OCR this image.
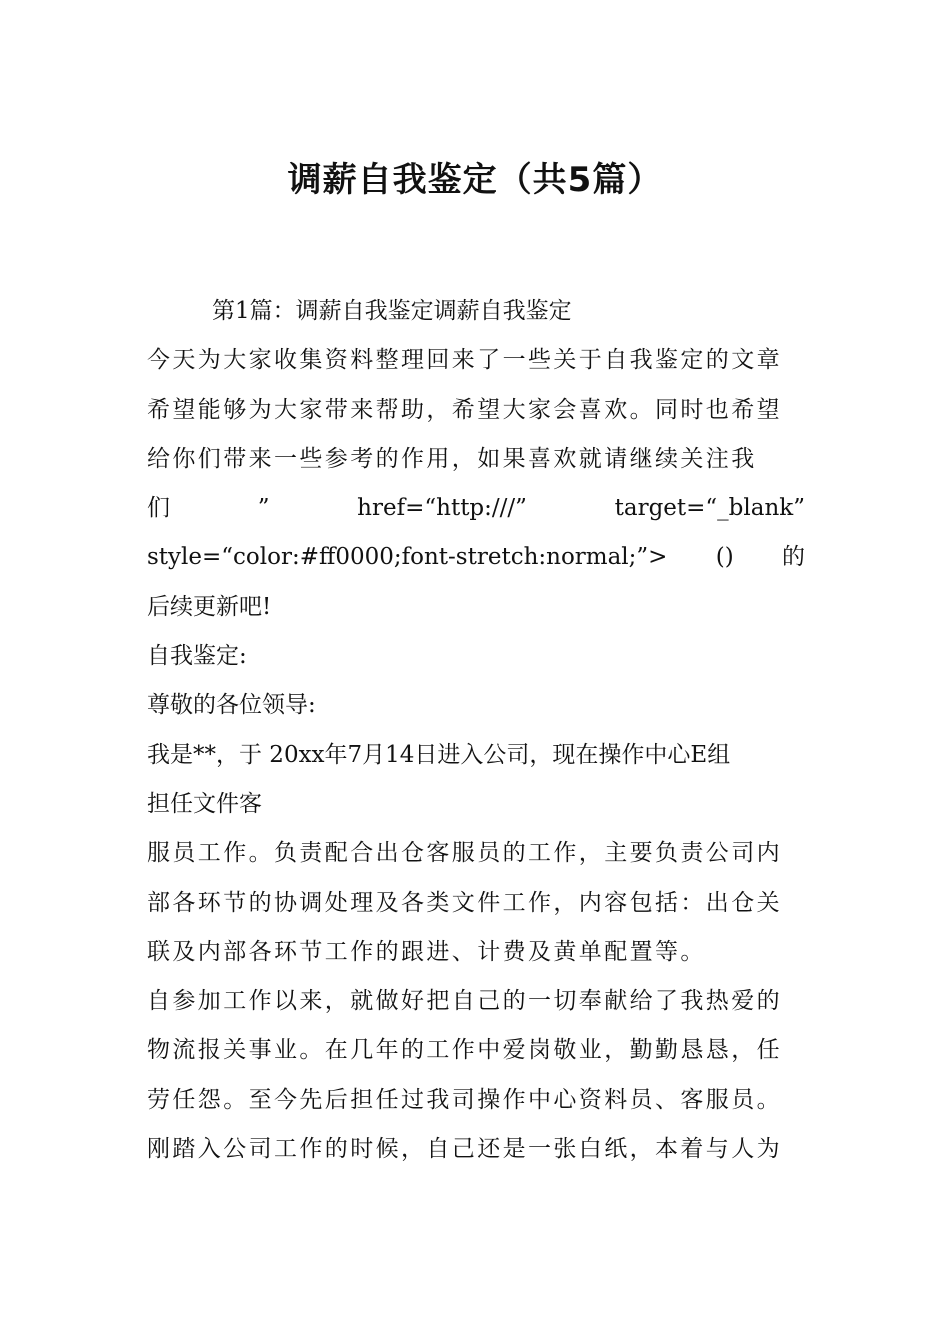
调薪自我鉴定（共5篇）
第1篇：调薪自我鉴定调薪自我鉴定
今天为大家收集资料整理回来了一些关于自我鉴定的文章
希望能够为大家带来帮助，希望大家会喜欢。同时也希望
给你们带来一些参考的作用，如果喜欢就请继续关注我
们	”	href=“http:///”	target=“_blank”
style=“color:#ff0000;font-stretch:normal;”> () 的
后续更新吧!
自我鉴定:
尊敬的各位领导:
我是**，于 20xx年7月14日进入公司，现在操作中心E组
担任文件客
服员工作。负责配合出仓客服员的工作，主要负责公司内
部各环节的协调处理及各类文件工作，内容包括：出仓关
联及内部各环节工作的跟进、计费及黄单配置等。
自参加工作以来，就做好把自己的一切奉献给了我热爱的
物流报关事业。在几年的工作中爱岗敬业，勤勤恳恳，任
劳任怨。至今先后担任过我司操作中心资料员、客服员。
刚踏入公司工作的时候，自己还是一张白纸，本着与人为
